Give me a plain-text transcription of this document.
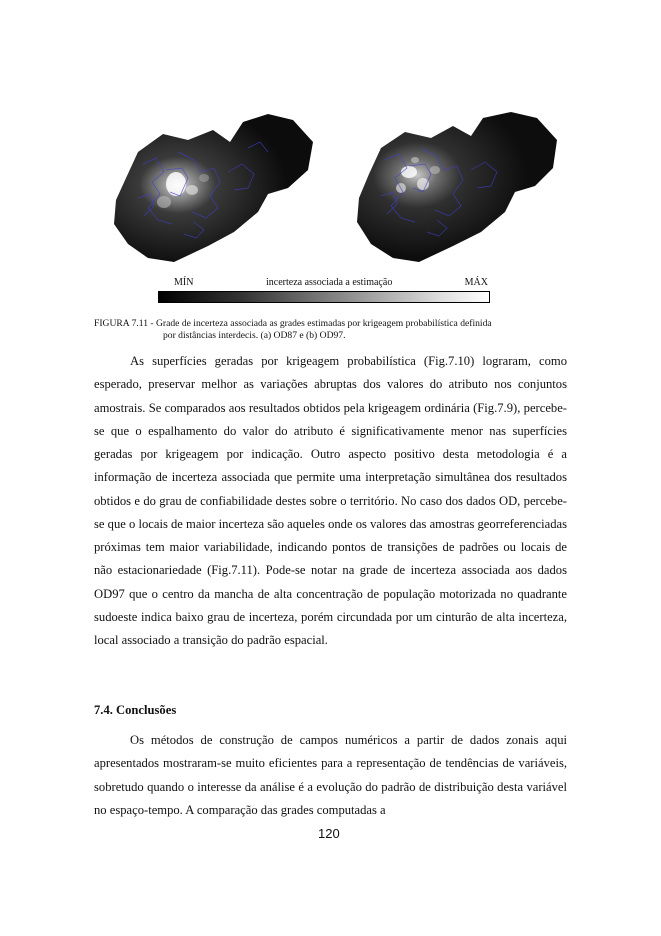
MÍN	incerteza associada a estimação	MÁX
FIGURA 7.11 - Grade de incerteza associada as grades estimadas por krigeagem probabilística definida
por distâncias interdecis. (a) OD87 e (b) OD97.

As superfícies geradas por krigeagem probabilística (Fig.7.10) lograram, como esperado, preservar melhor as variações abruptas dos valores do atributo nos conjuntos amostrais. Se comparados aos resultados obtidos pela krigeagem ordinária (Fig.7.9), percebe-se que o espalhamento do valor do atributo é significativamente menor nas superfícies geradas por krigeagem por indicação. Outro aspecto positivo desta metodologia é a informação de incerteza associada que permite uma interpretação simultânea dos resultados obtidos e do grau de confiabilidade destes sobre o território. No caso dos dados OD, percebe-se que o locais de maior incerteza são aqueles onde os valores das amostras georreferenciadas próximas tem maior variabilidade, indicando pontos de transições de padrões ou locais de não estacionariedade (Fig.7.11). Pode-se notar na grade de incerteza associada aos dados OD97 que o centro da mancha de alta concentração de população motorizada no quadrante sudoeste indica baixo grau de incerteza, porém circundada por um cinturão de alta incerteza, local associado a transição do padrão espacial.

7.4. Conclusões

Os métodos de construção de campos numéricos a partir de dados zonais aqui apresentados mostraram-se muito eficientes para a representação de tendências de variáveis, sobretudo quando o interesse da análise é a evolução do padrão de distribuição desta variável no espaço-tempo. A comparação das grades computadas a

120
